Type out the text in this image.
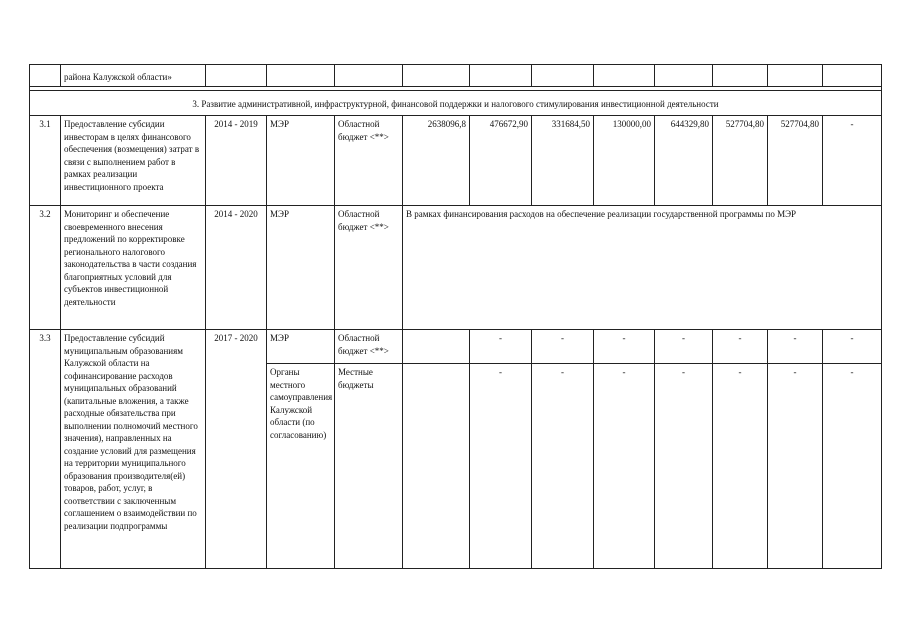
	района Калужской области»											

3. Развитие административной, инфраструктурной, финансовой поддержки и налогового стимулирования инвестиционной деятельности												
3.1	Предоставление субсидии инвесторам в целях финансового обеспечения (возмещения) затрат в связи с выполнением работ в рамках реализации инвестиционного проекта	2014 - 2019	МЭР	Областной бюджет <**>	2638096,8	476672,90	331684,50	130000,00	644329,80	527704,80	527704,80	-
3.2	Мониторинг и обеспечение своевременного внесения предложений по корректировке регионального налогового законодательства в части создания благоприятных условий для субъектов инвестиционной деятельности	2014 - 2020	МЭР	Областной бюджет <**>	В рамках финансирования расходов на обеспечение реализации государственной программы по МЭР							
3.3	Предоставление субсидий муниципальным образованиям Калужской области на софинансирование расходов муниципальных образований (капитальные вложения, а также расходные обязательства при выполнении полномочий местного значения), направленных на создание условий для размещения на территории муниципального образования производителя(ей) товаров, работ, услуг, в соответствии с заключенным соглашением о взаимодействии по реализации подпрограммы	2017 - 2020	МЭР	Областной бюджет <**>		-	-	-	-	-	-	-
			Органы местного самоуправления Калужской области (по согласованию)	Местные бюджеты		-	-	-	-	-	-	-
